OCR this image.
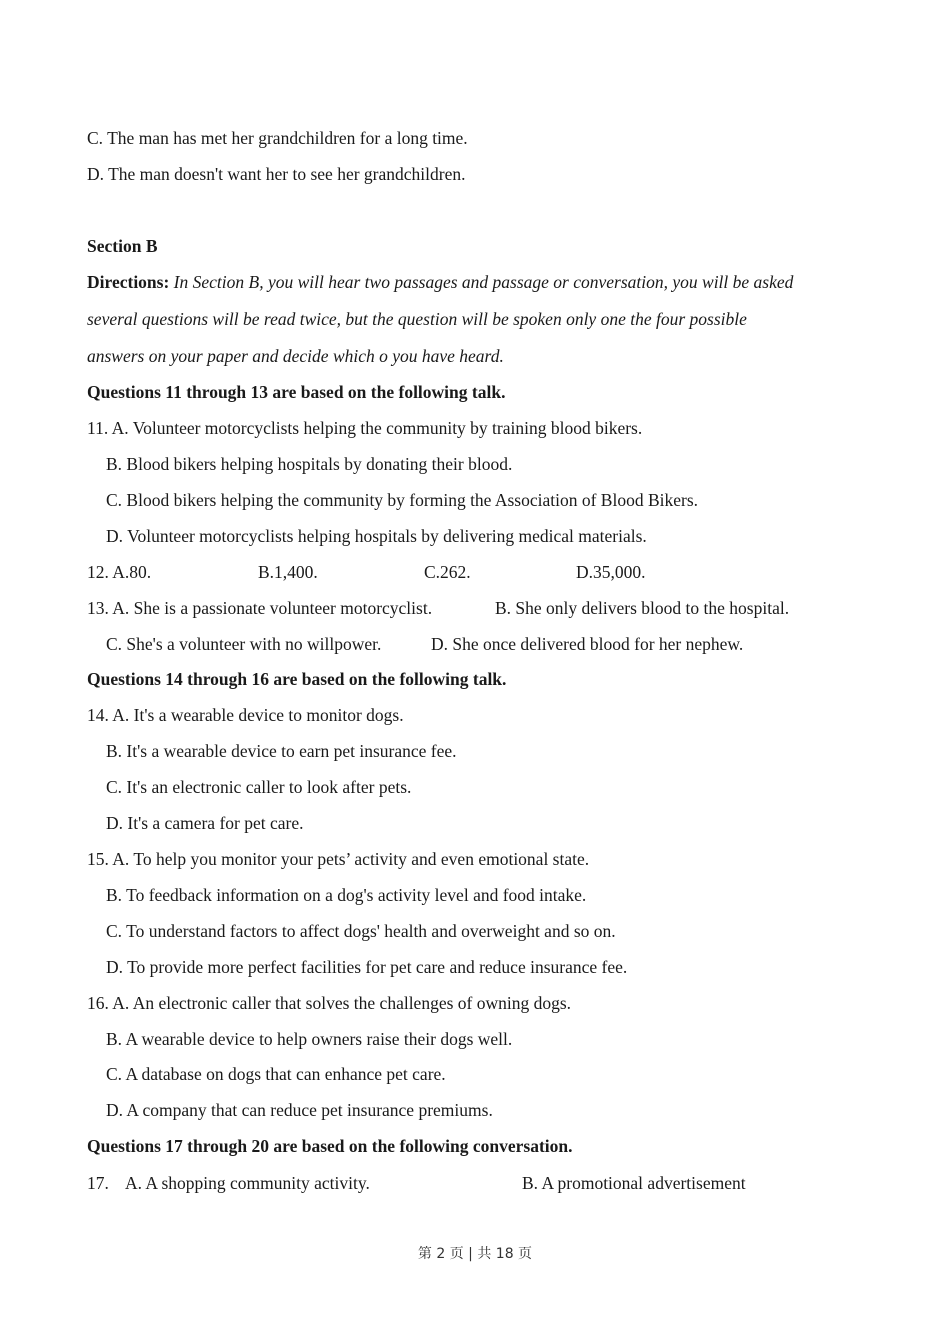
C. The man has met her grandchildren for a long time.
D. The man doesn't want her to see her grandchildren.
Section B
Directions: In Section B, you will hear two passages and passage or conversation, you will be asked
several questions will be read twice, but the question will be spoken only one the four possible
answers on your paper and decide which o you have heard.
Questions 11 through 13 are based on the following talk.
11. A. Volunteer motorcyclists helping the community by training blood bikers.
B. Blood bikers helping hospitals by donating their blood.
C. Blood bikers helping the community by forming the Association of Blood Bikers.
D. Volunteer motorcyclists helping hospitals by delivering medical materials.
12. A.80.	B.1,400.	C.262.	D.35,000.
13. A. She is a passionate volunteer motorcyclist.	B. She only delivers blood to the hospital.
C. She's a volunteer with no willpower.	D. She once delivered blood for her nephew.
Questions 14 through 16 are based on the following talk.
14. A. It's a wearable device to monitor dogs.
B. It's a wearable device to earn pet insurance fee.
C. It's an electronic caller to look after pets.
D. It's a camera for pet care.
15. A. To help you monitor your pets’ activity and even emotional state.
B. To feedback information on a dog's activity level and food intake.
C. To understand factors to affect dogs' health and overweight and so on.
D. To provide more perfect facilities for pet care and reduce insurance fee.
16. A. An electronic caller that solves the challenges of owning dogs.
B. A wearable device to help owners raise their dogs well.
C. A database on dogs that can enhance pet care.
D. A company that can reduce pet insurance premiums.
Questions 17 through 20 are based on the following conversation.
17. A. A shopping community activity.	B. A promotional advertisement
第 2 页 | 共 18 页
